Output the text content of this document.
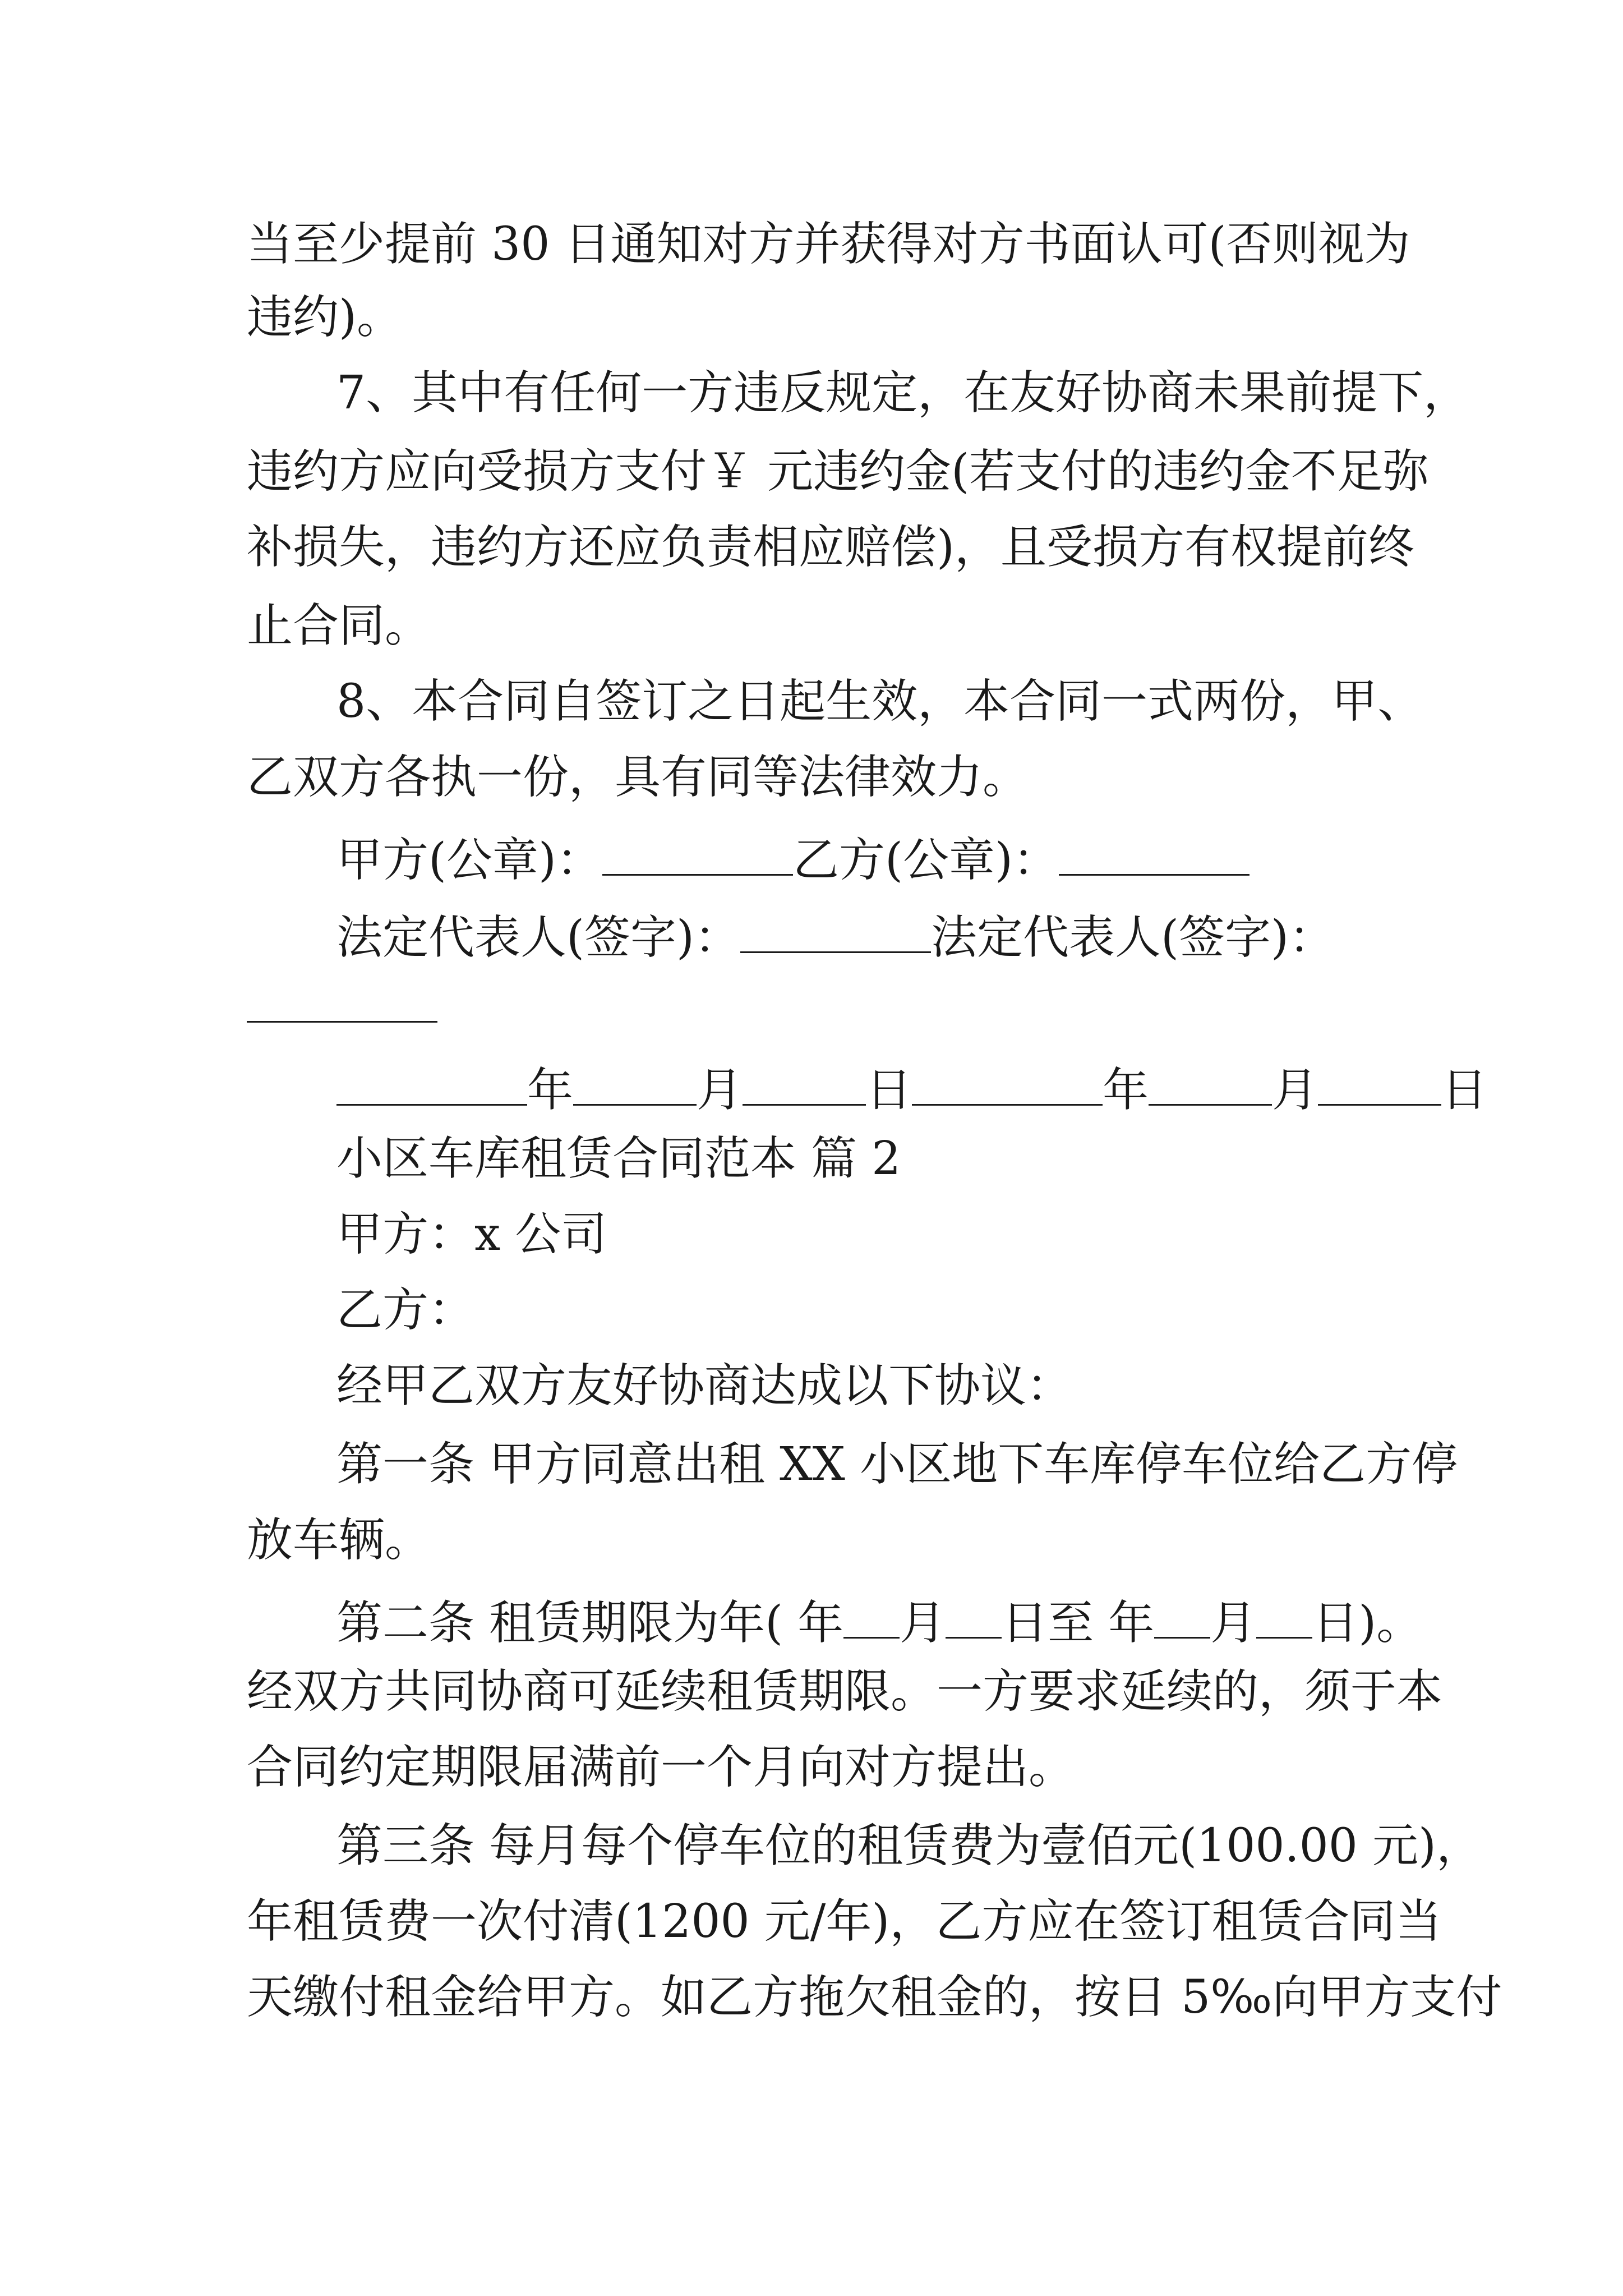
当至少提前 30 日通知对方并获得对方书面认可(否则视为
违约)。
7、其中有任何一方违反规定，在友好协商未果前提下，
违约方应向受损方支付￥ 元违约金(若支付的违约金不足弥
补损失，违约方还应负责相应赔偿)，且受损方有权提前终
止合同。
8、本合同自签订之日起生效，本合同一式两份，甲、
乙双方各执一份，具有同等法律效力。
甲方(公章)：	乙方(公章)：
法定代表人(签字)：	法定代表人(签字)：
年	月	日	年	月	日
小区车库租赁合同范本 篇 2
甲方：x 公司
乙方：
经甲乙双方友好协商达成以下协议：
第一条 甲方同意出租 XX 小区地下车库停车位给乙方停
放车辆。
第二条 租赁期限为年( 年 月 日至 年 月 日)。
经双方共同协商可延续租赁期限。一方要求延续的，须于本
合同约定期限届满前一个月向对方提出。
第三条 每月每个停车位的租赁费为壹佰元(100.00 元)，
年租赁费一次付清(1200 元/年)，乙方应在签订租赁合同当
天缴付租金给甲方。如乙方拖欠租金的，按日 5‰向甲方支付
